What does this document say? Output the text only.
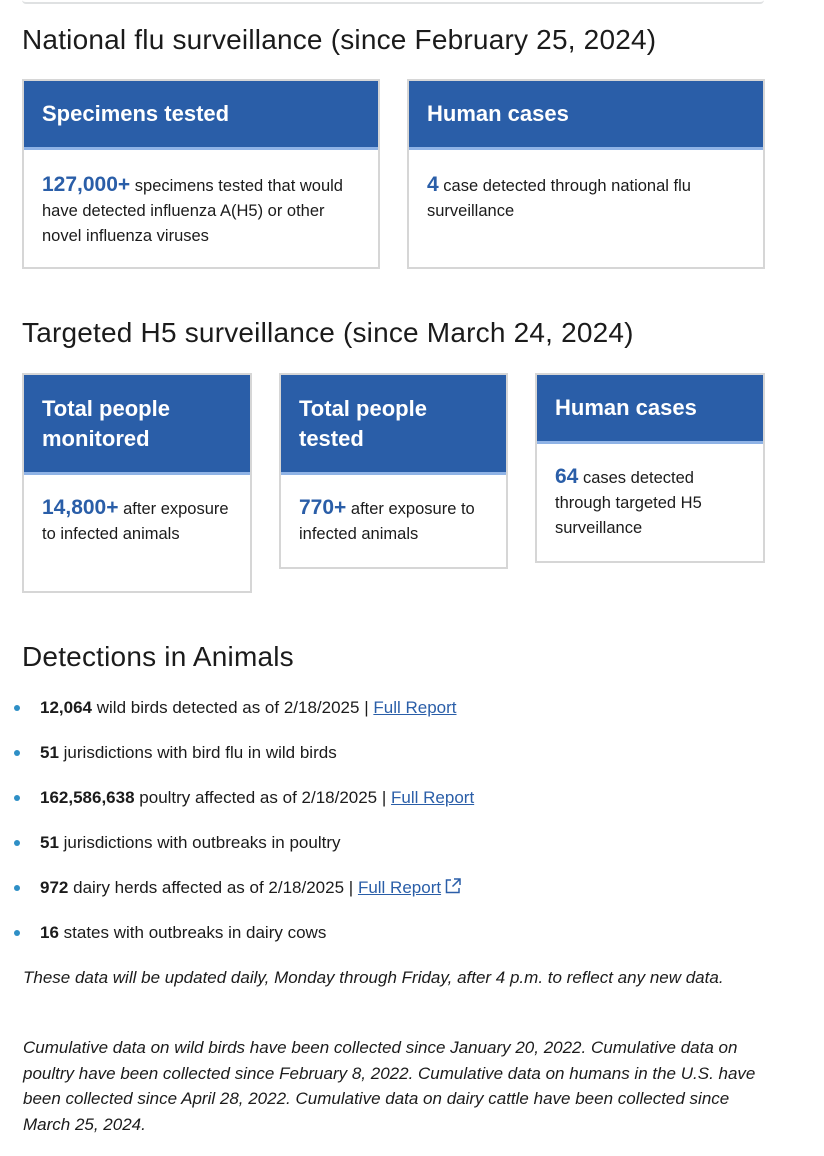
National flu surveillance (since February 25, 2024)
Specimens tested
127,000+ specimens tested that would have detected influenza A(H5) or other novel influenza viruses
Human cases
4 case detected through national flu surveillance
Targeted H5 surveillance (since March 24, 2024)
Total people monitored
14,800+ after exposure to infected animals
Total people tested
770+ after exposure to infected animals
Human cases
64 cases detected through targeted H5 surveillance
Detections in Animals
12,064 wild birds detected as of 2/18/2025 | Full Report
51 jurisdictions with bird flu in wild birds
162,586,638 poultry affected as of 2/18/2025 | Full Report
51 jurisdictions with outbreaks in poultry
972 dairy herds affected as of 2/18/2025 | Full Report
16 states with outbreaks in dairy cows

These data will be updated daily, Monday through Friday, after 4 p.m. to reflect any new data.

Cumulative data on wild birds have been collected since January 20, 2022. Cumulative data on poultry have been collected since February 8, 2022. Cumulative data on humans in the U.S. have been collected since April 28, 2022. Cumulative data on dairy cattle have been collected since March 25, 2024.
